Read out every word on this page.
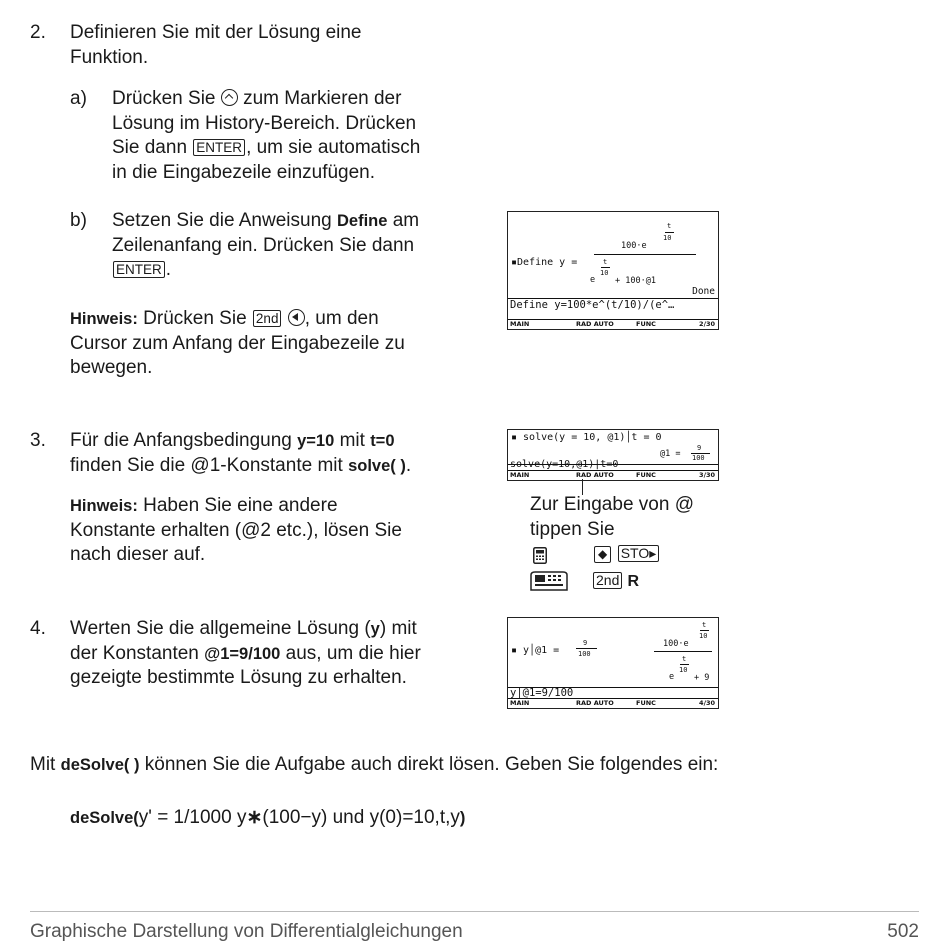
2. Definieren Sie mit der Lösung eine
Funktion.
a) Drücken Sie zum Markieren der
Lösung im History-Bereich. Drücken
Sie dann ENTER , um sie automatisch
in die Eingabezeile einzufügen.
b) Setzen Sie die Anweisung Define am
Zeilenanfang ein. Drücken Sie dann
ENTER .
Hinweis: Drücken Sie 2nd , um den
Cursor zum Anfang der Eingabezeile zu
bewegen.
▪Define y =
t
10
100·e
t
10
e + 100·@1
Done
Define y=100*e^(t/10)/(e^…
MAIN	RAD AUTO	FUNC	2/30
3. Für die Anfangsbedingung y=10 mit t=0
finden Sie die @1-Konstante mit solve( ).
Hinweis: Haben Sie eine andere
Konstante erhalten (@2 etc.), lösen Sie
nach dieser auf.
▪ solve(y = 10, @1)│t = 0
@1 =
9
100
solve(y=10,@1)|t=0
MAIN	RAD AUTO	FUNC	3/30
Zur Eingabe von @
tippen Sie
◆ STO▸
2nd R
4. Werten Sie die allgemeine Lösung (y) mit
der Konstanten @1=9/100 aus, um die hier
gezeigte bestimmte Lösung zu erhalten.
▪ y│@1 =
9
100
t
10
100·e
t
10
e + 9
y|@1=9/100
MAIN	RAD AUTO	FUNC	4/30
Mit deSolve( ) können Sie die Aufgabe auch direkt lösen. Geben Sie folgendes ein:
deSolve(y' = 1/1000 y∗(100−y) und y(0)=10,t,y)
Graphische Darstellung von Differentialgleichungen	502
